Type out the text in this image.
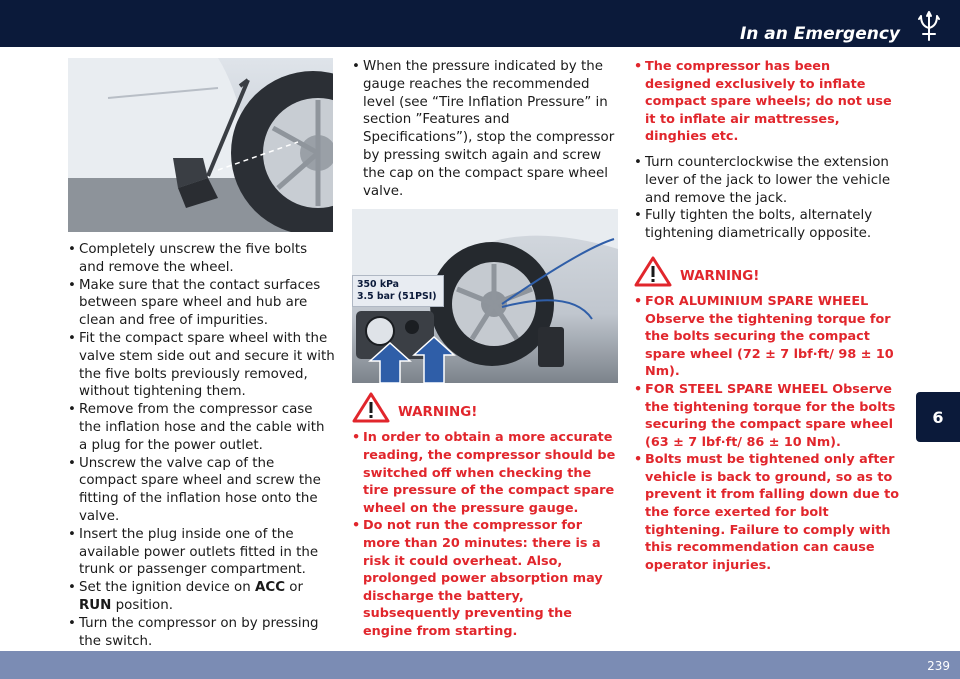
In an Emergency
6
• Completely unscrew the five bolts and remove the wheel.
• Make sure that the contact surfaces between spare wheel and hub are clean and free of impurities.
• Fit the compact spare wheel with the valve stem side out and secure it with the five bolts previously removed, without tightening them.
• Remove from the compressor case the inflation hose and the cable with a plug for the power outlet.
• Unscrew the valve cap of the compact spare wheel and screw the fitting of the inflation hose onto the valve.
• Insert the plug inside one of the available power outlets fitted in the trunk or passenger compartment.
• Set the ignition device on ACC or RUN position.
• Turn the compressor on by pressing the switch.
• When the pressure indicated by the gauge reaches the recommended level (see “Tire Inflation Pressure” in section ”Features and Specifications”), stop the compressor by pressing switch again and screw the cap on the compact spare wheel valve.
350 kPa
3.5 bar (51PSI)
WARNING!
• In order to obtain a more accurate reading, the compressor should be switched off when checking the tire pressure of the compact spare wheel on the pressure gauge.
• Do not run the compressor for more than 20 minutes: there is a risk it could overheat. Also, prolonged power absorption may discharge the battery, subsequently preventing the engine from starting.
• The compressor has been designed exclusively to inflate compact spare wheels; do not use it to inflate air mattresses, dinghies etc.
• Turn counterclockwise the extension lever of the jack to lower the vehicle and remove the jack.
• Fully tighten the bolts, alternately tightening diametrically opposite.
WARNING!
• FOR ALUMINIUM SPARE WHEEL Observe the tightening torque for the bolts securing the compact spare wheel (72 ± 7 lbf·ft/ 98 ± 10 Nm).
• FOR STEEL SPARE WHEEL Observe the tightening torque for the bolts securing the compact spare wheel (63 ± 7 lbf·ft/ 86 ± 10 Nm).
• Bolts must be tightened only after vehicle is back to ground, so as to prevent it from falling down due to the force exerted for bolt tightening. Failure to comply with this recommendation can cause operator injuries.
239
